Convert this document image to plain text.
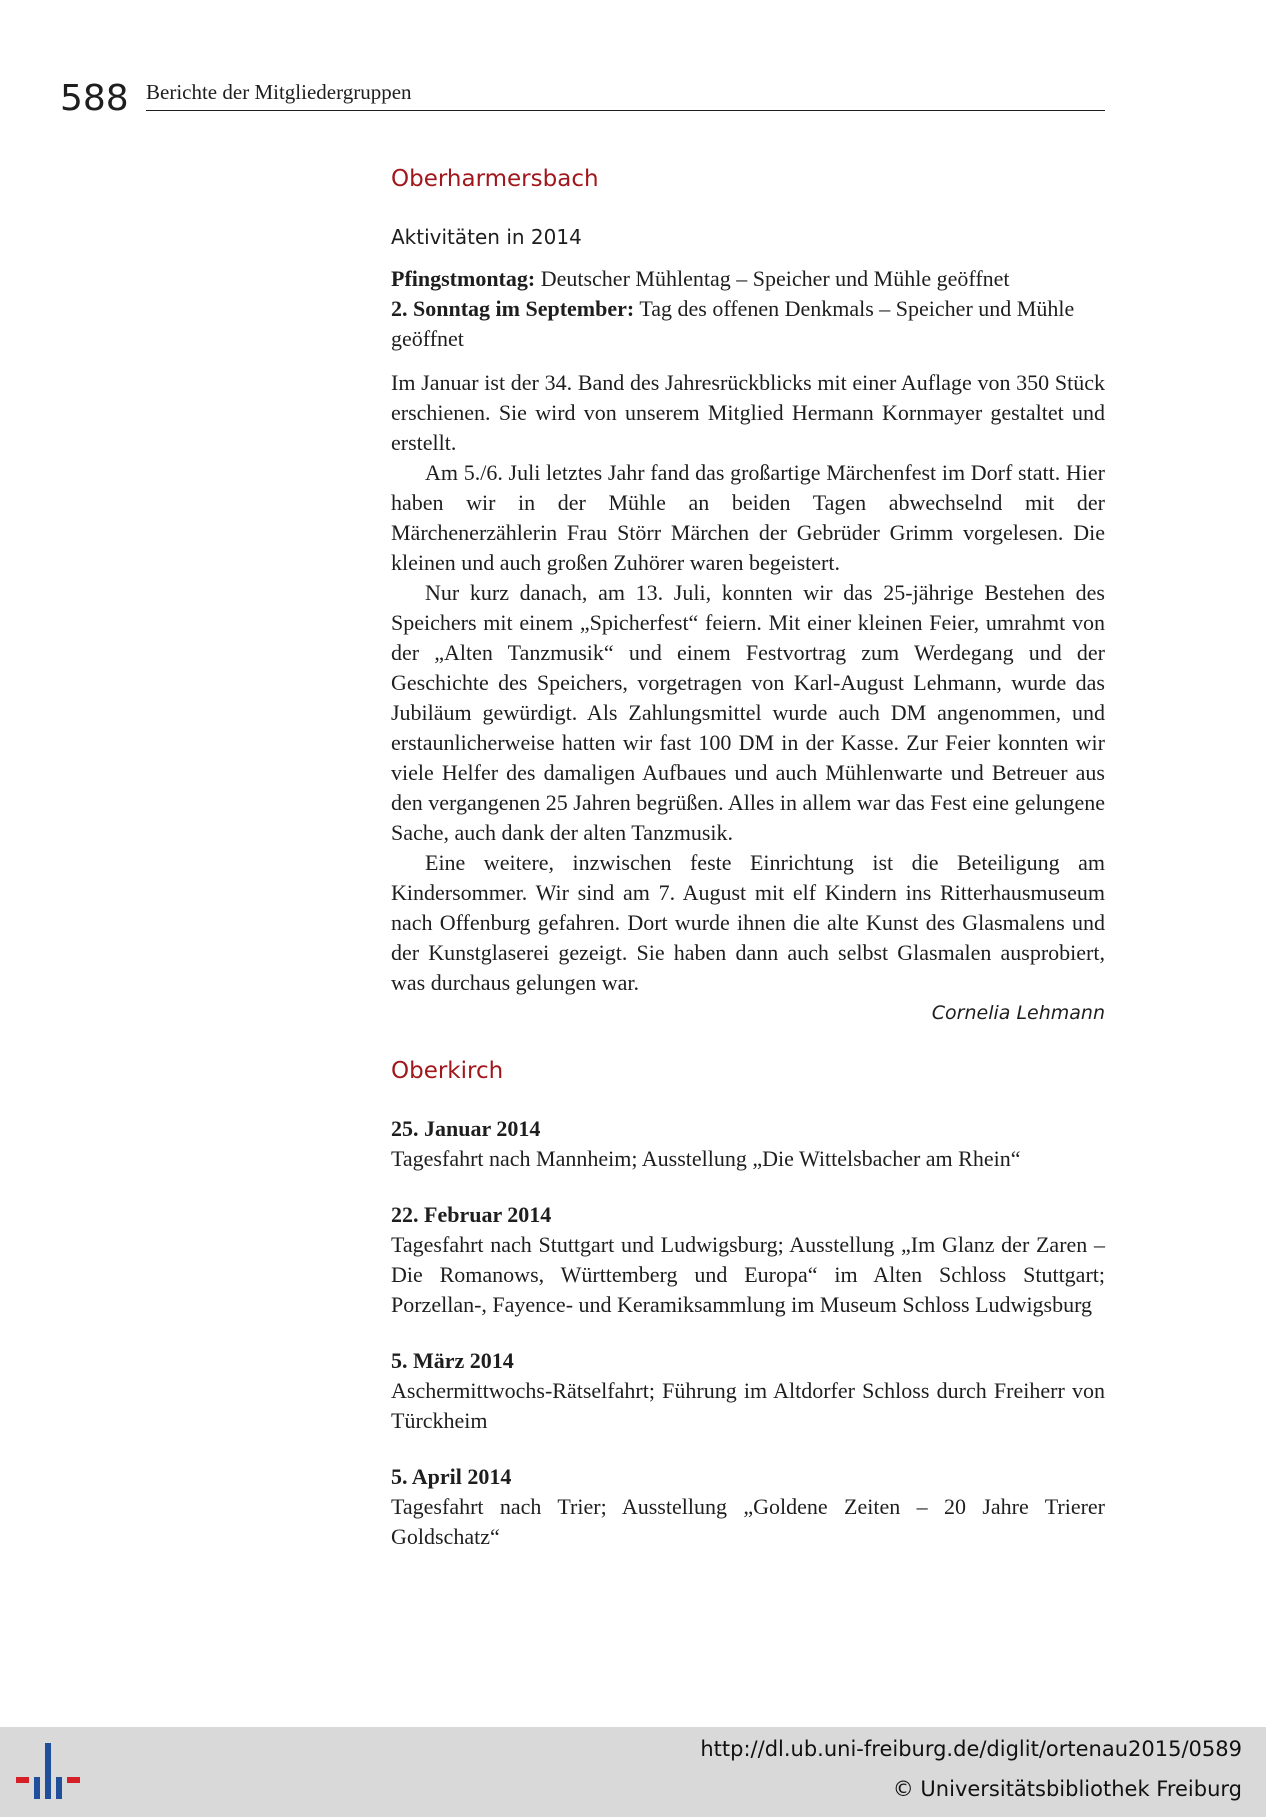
588 Berichte der Mitgliedergruppen
Oberharmersbach
Aktivitäten in 2014

Pfingstmontag: Deutscher Mühlentag – Speicher und Mühle geöffnet

2. Sonntag im September: Tag des offenen Denkmals – Speicher und Mühle geöffnet

Im Januar ist der 34. Band des Jahresrückblicks mit einer Auflage von 350 Stück erschienen. Sie wird von unserem Mitglied Hermann Kornmayer gestaltet und erstellt.

Am 5./6. Juli letztes Jahr fand das großartige Märchenfest im Dorf statt. Hier haben wir in der Mühle an beiden Tagen abwechselnd mit der Märchenerzählerin Frau Störr Märchen der Gebrüder Grimm vorgelesen. Die kleinen und auch großen Zuhörer waren begeistert.

Nur kurz danach, am 13. Juli, konnten wir das 25-jährige Bestehen des Speichers mit einem „Spicherfest“ feiern. Mit einer kleinen Feier, umrahmt von der „Alten Tanzmusik“ und einem Festvortrag zum Werdegang und der Geschichte des Speichers, vorgetragen von Karl-August Lehmann, wurde das Jubiläum gewürdigt. Als Zahlungsmittel wurde auch DM angenommen, und erstaunlicherweise hatten wir fast 100 DM in der Kasse. Zur Feier konnten wir viele Helfer des damaligen Aufbaues und auch Mühlenwarte und Betreuer aus den vergangenen 25 Jahren begrüßen. Alles in allem war das Fest eine gelungene Sache, auch dank der alten Tanzmusik.

Eine weitere, inzwischen feste Einrichtung ist die Beteiligung am Kindersommer. Wir sind am 7. August mit elf Kindern ins Ritterhausmuseum nach Offenburg gefahren. Dort wurde ihnen die alte Kunst des Glasmalens und der Kunstglaserei gezeigt. Sie haben dann auch selbst Glasmalen ausprobiert, was durchaus gelungen war.

Cornelia Lehmann
Oberkirch

25. Januar 2014

Tagesfahrt nach Mannheim; Ausstellung „Die Wittelsbacher am Rhein“

22. Februar 2014

Tagesfahrt nach Stuttgart und Ludwigsburg; Ausstellung „Im Glanz der Zaren – Die Romanows, Württemberg und Europa“ im Alten Schloss Stuttgart; Porzellan-, Fayence- und Keramiksammlung im Museum Schloss Ludwigsburg

5. März 2014

Aschermittwochs-Rätselfahrt; Führung im Altdorfer Schloss durch Freiherr von Türckheim

5. April 2014

Tagesfahrt nach Trier; Ausstellung „Goldene Zeiten – 20 Jahre Trierer Goldschatz“

http://dl.ub.uni-freiburg.de/diglit/ortenau2015/0589
© Universitätsbibliothek Freiburg
